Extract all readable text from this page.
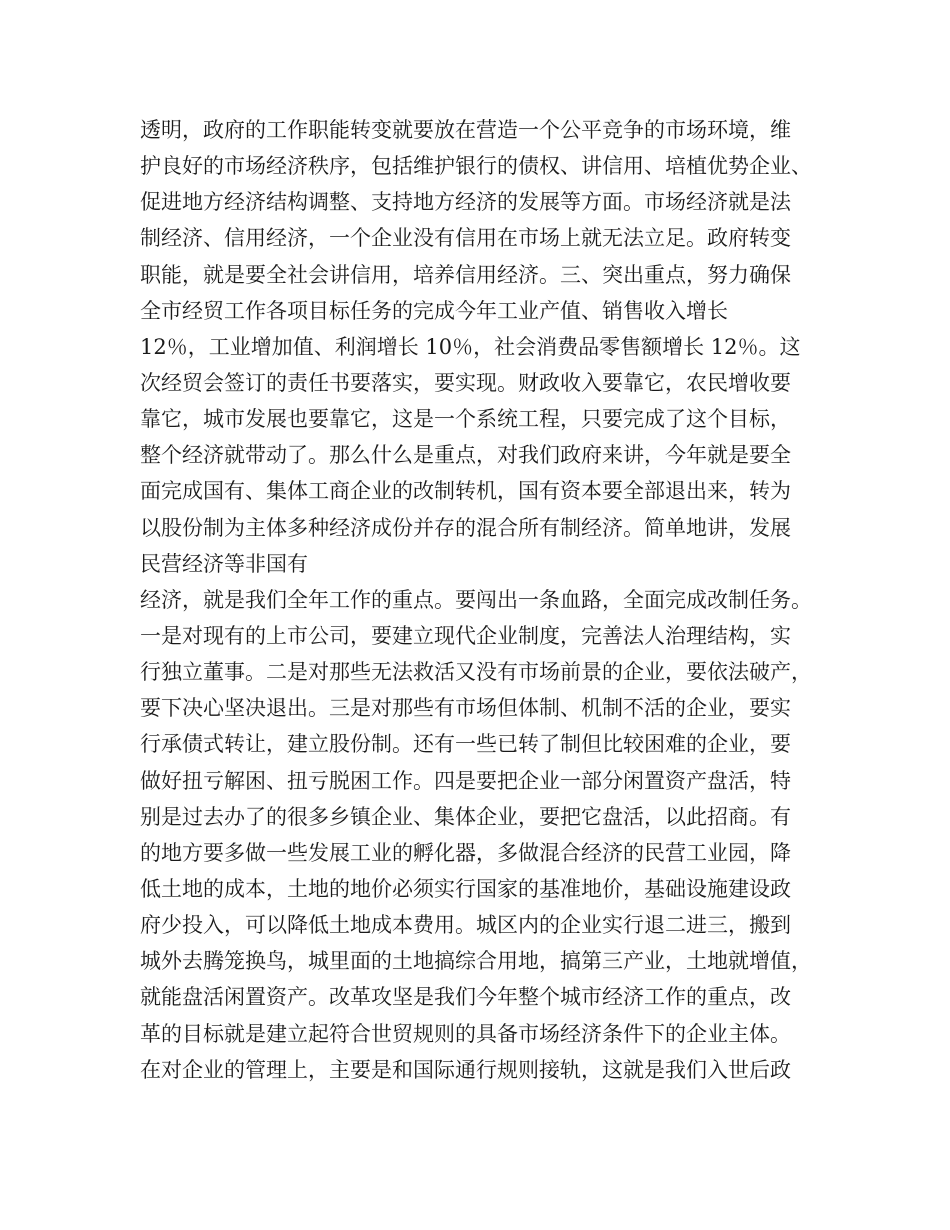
透明，政府的工作职能转变就要放在营造一个公平竞争的市场环境，维
护良好的市场经济秩序，包括维护银行的债权、讲信用、培植优势企业、
促进地方经济结构调整、支持地方经济的发展等方面。市场经济就是法
制经济、信用经济，一个企业没有信用在市场上就无法立足。政府转变
职能，就是要全社会讲信用，培养信用经济。三、突出重点，努力确保
全市经贸工作各项目标任务的完成今年工业产值、销售收入增长
12％，工业增加值、利润增长 10％，社会消费品零售额增长 12％。这
次经贸会签订的责任书要落实，要实现。财政收入要靠它，农民增收要
靠它，城市发展也要靠它，这是一个系统工程，只要完成了这个目标，
整个经济就带动了。那么什么是重点，对我们政府来讲，今年就是要全
面完成国有、集体工商企业的改制转机，国有资本要全部退出来，转为
以股份制为主体多种经济成份并存的混合所有制经济。简单地讲，发展
民营经济等非国有
经济，就是我们全年工作的重点。要闯出一条血路，全面完成改制任务。
一是对现有的上市公司，要建立现代企业制度，完善法人治理结构，实
行独立董事。二是对那些无法救活又没有市场前景的企业，要依法破产，
要下决心坚决退出。三是对那些有市场但体制、机制不活的企业，要实
行承债式转让，建立股份制。还有一些已转了制但比较困难的企业，要
做好扭亏解困、扭亏脱困工作。四是要把企业一部分闲置资产盘活，特
别是过去办了的很多乡镇企业、集体企业，要把它盘活，以此招商。有
的地方要多做一些发展工业的孵化器，多做混合经济的民营工业园，降
低土地的成本，土地的地价必须实行国家的基准地价，基础设施建设政
府少投入，可以降低土地成本费用。城区内的企业实行退二进三，搬到
城外去腾笼换鸟，城里面的土地搞综合用地，搞第三产业，土地就增值，
就能盘活闲置资产。改革攻坚是我们今年整个城市经济工作的重点，改
革的目标就是建立起符合世贸规则的具备市场经济条件下的企业主体。
在对企业的管理上，主要是和国际通行规则接轨，这就是我们入世后政
